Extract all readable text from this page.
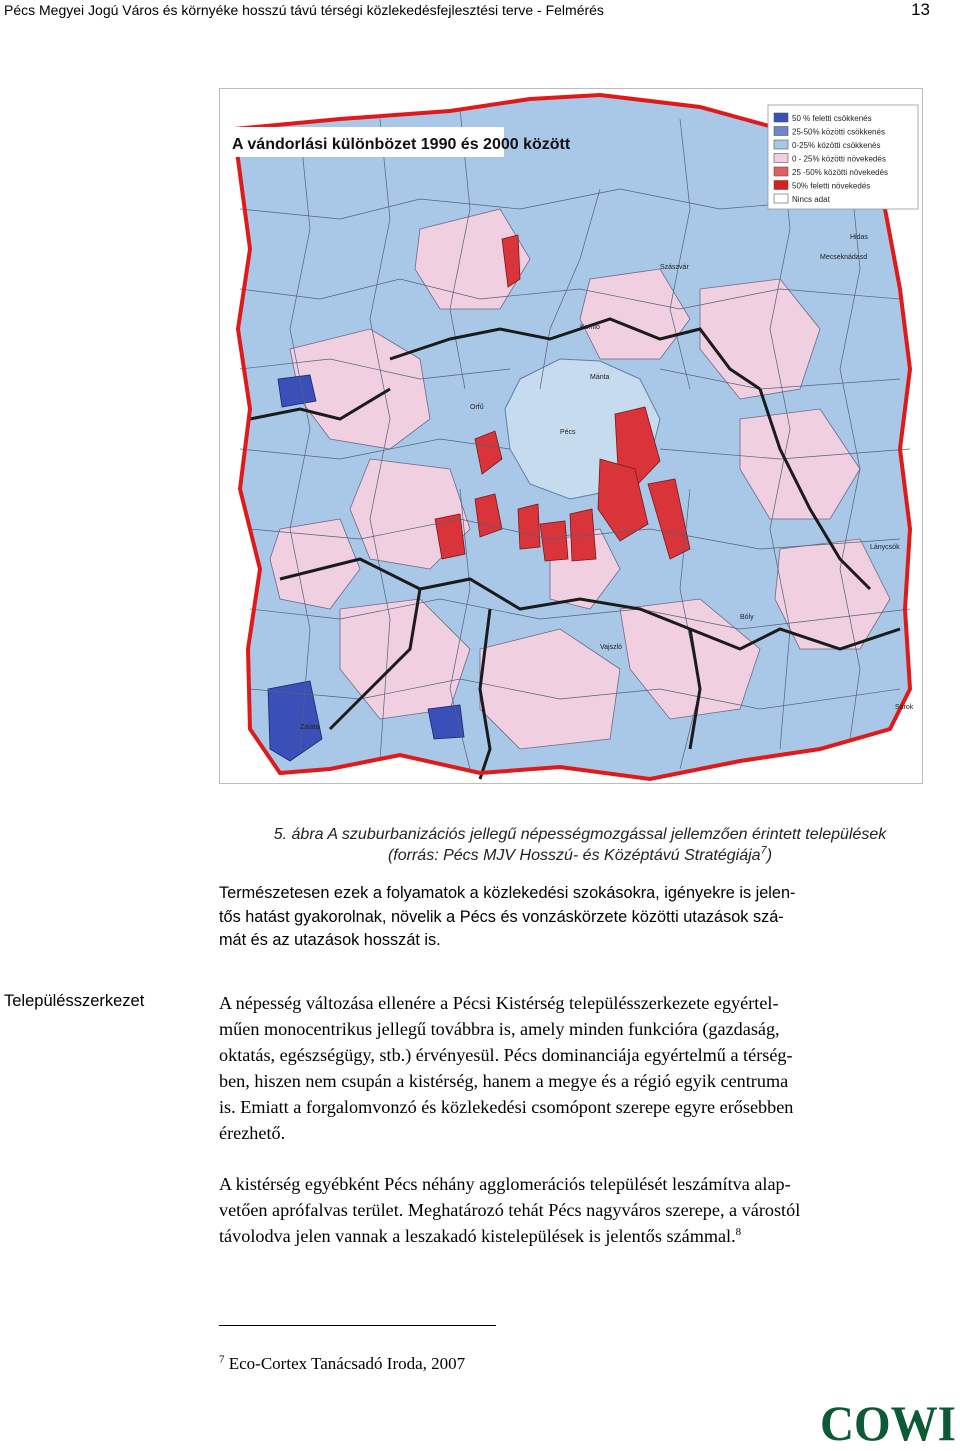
Pécs Megyei Jogú Város és környéke hosszú távú térségi közlekedésfejlesztési terve - Felmérés	13
A vándorlási különbözet 1990 és 2000 között
50 % feletti csökkenés
25-50% közötti csökkenés
0-25% közötti csökkenés
0 - 25% közötti növekedés
25 -50% közötti növekedés
50% feletti növekedés
Nincs adat
Pécs
Mánta
Komló
Hidas
Mecseknádasd
Bóly
Lánycsók
Sárok
Orfű
Szászvár
Vajszló
Zaláta
5. ábra A szuburbanizációs jellegű népességmozgással jellemzően érintett települések
(forrás: Pécs MJV Hosszú- és Középtávú Stratégiája$^7$)
Természetesen ezek a folyamatok a közlekedési szokásokra, igényekre is jelen-
tős hatást gyakorolnak, növelik a Pécs és vonzáskörzete közötti utazások szá-
mát és az utazások hosszát is.
Településszerkezet	A népesség változása ellenére a Pécsi Kistérség településszerkezete egyértel-
műen monocentrikus jellegű továbbra is, amely minden funkcióra (gazdaság,
oktatás, egészségügy, stb.) érvényesül. Pécs dominanciája egyértelmű a térség-
ben, hiszen nem csupán a kistérség, hanem a megye és a régió egyik centruma
is. Emiatt a forgalomvonzó és közlekedési csomópont szerepe egyre erősebben
érezhető.
A kistérség egyébként Pécs néhány agglomerációs települését leszámítva alap-
vetően aprófalvas terület. Meghatározó tehát Pécs nagyváros szerepe, a várostól
távolodva jelen vannak a leszakadó kistelepülések is jelentős számmal.$^8$
$^7$ Eco-Cortex Tanácsadó Iroda, 2007
COWI
